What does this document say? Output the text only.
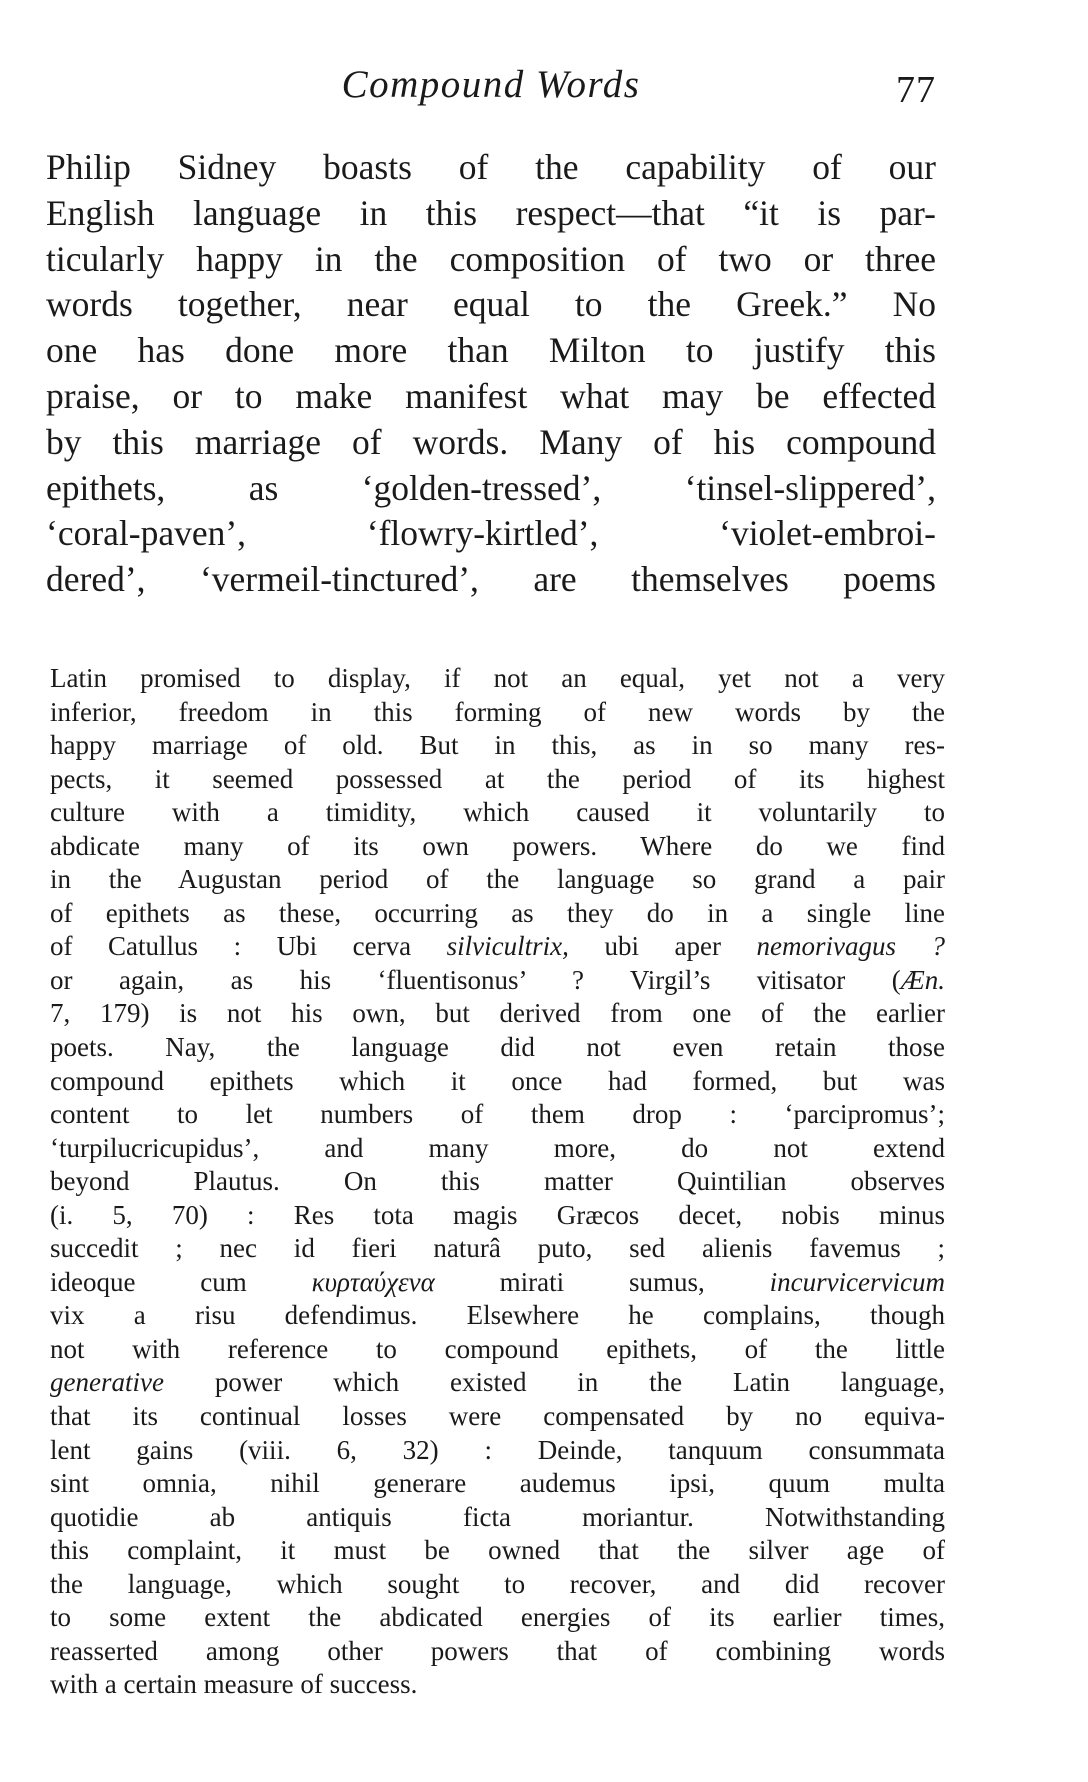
Compound Words	77
Philip Sidney boasts of the capability of our
English language in this respect—that “it is par-
ticularly happy in the composition of two or three
words together, near equal to the Greek.” No
one has done more than Milton to justify this
praise, or to make manifest what may be effected
by this marriage of words. Many of his compound
epithets, as ‘golden-tressed’, ‘tinsel-slippered’,
‘coral-paven’, ‘flowry-kirtled’, ‘violet-embroi-
dered’, ‘vermeil-tinctured’, are themselves poems
Latin promised to display, if not an equal, yet not a very
inferior, freedom in this forming of new words by the
happy marriage of old. But in this, as in so many res-
pects, it seemed possessed at the period of its highest
culture with a timidity, which caused it voluntarily to
abdicate many of its own powers. Where do we find
in the Augustan period of the language so grand a pair
of epithets as these, occurring as they do in a single line
of Catullus : Ubi cerva silvicultrix, ubi aper nemorivagus ?
or again, as his ‘fluentisonus’ ? Virgil’s vitisator (Æn.
7, 179) is not his own, but derived from one of the earlier
poets. Nay, the language did not even retain those
compound epithets which it once had formed, but was
content to let numbers of them drop : ‘parcipromus’;
‘turpilucricupidus’, and many more, do not extend
beyond Plautus. On this matter Quintilian observes
(i. 5, 70) : Res tota magis Græcos decet, nobis minus
succedit ; nec id fieri naturâ puto, sed alienis favemus ;
ideoque cum κυρταύχενα mirati sumus, incurvicervicum
vix a risu defendimus. Elsewhere he complains, though
not with reference to compound epithets, of the little
generative power which existed in the Latin language,
that its continual losses were compensated by no equiva-
lent gains (viii. 6, 32) : Deinde, tanquum consummata
sint omnia, nihil generare audemus ipsi, quum multa
quotidie ab antiquis ficta moriantur. Notwithstanding
this complaint, it must be owned that the silver age of
the language, which sought to recover, and did recover
to some extent the abdicated energies of its earlier times,
reasserted among other powers that of combining words
with a certain measure of success.
